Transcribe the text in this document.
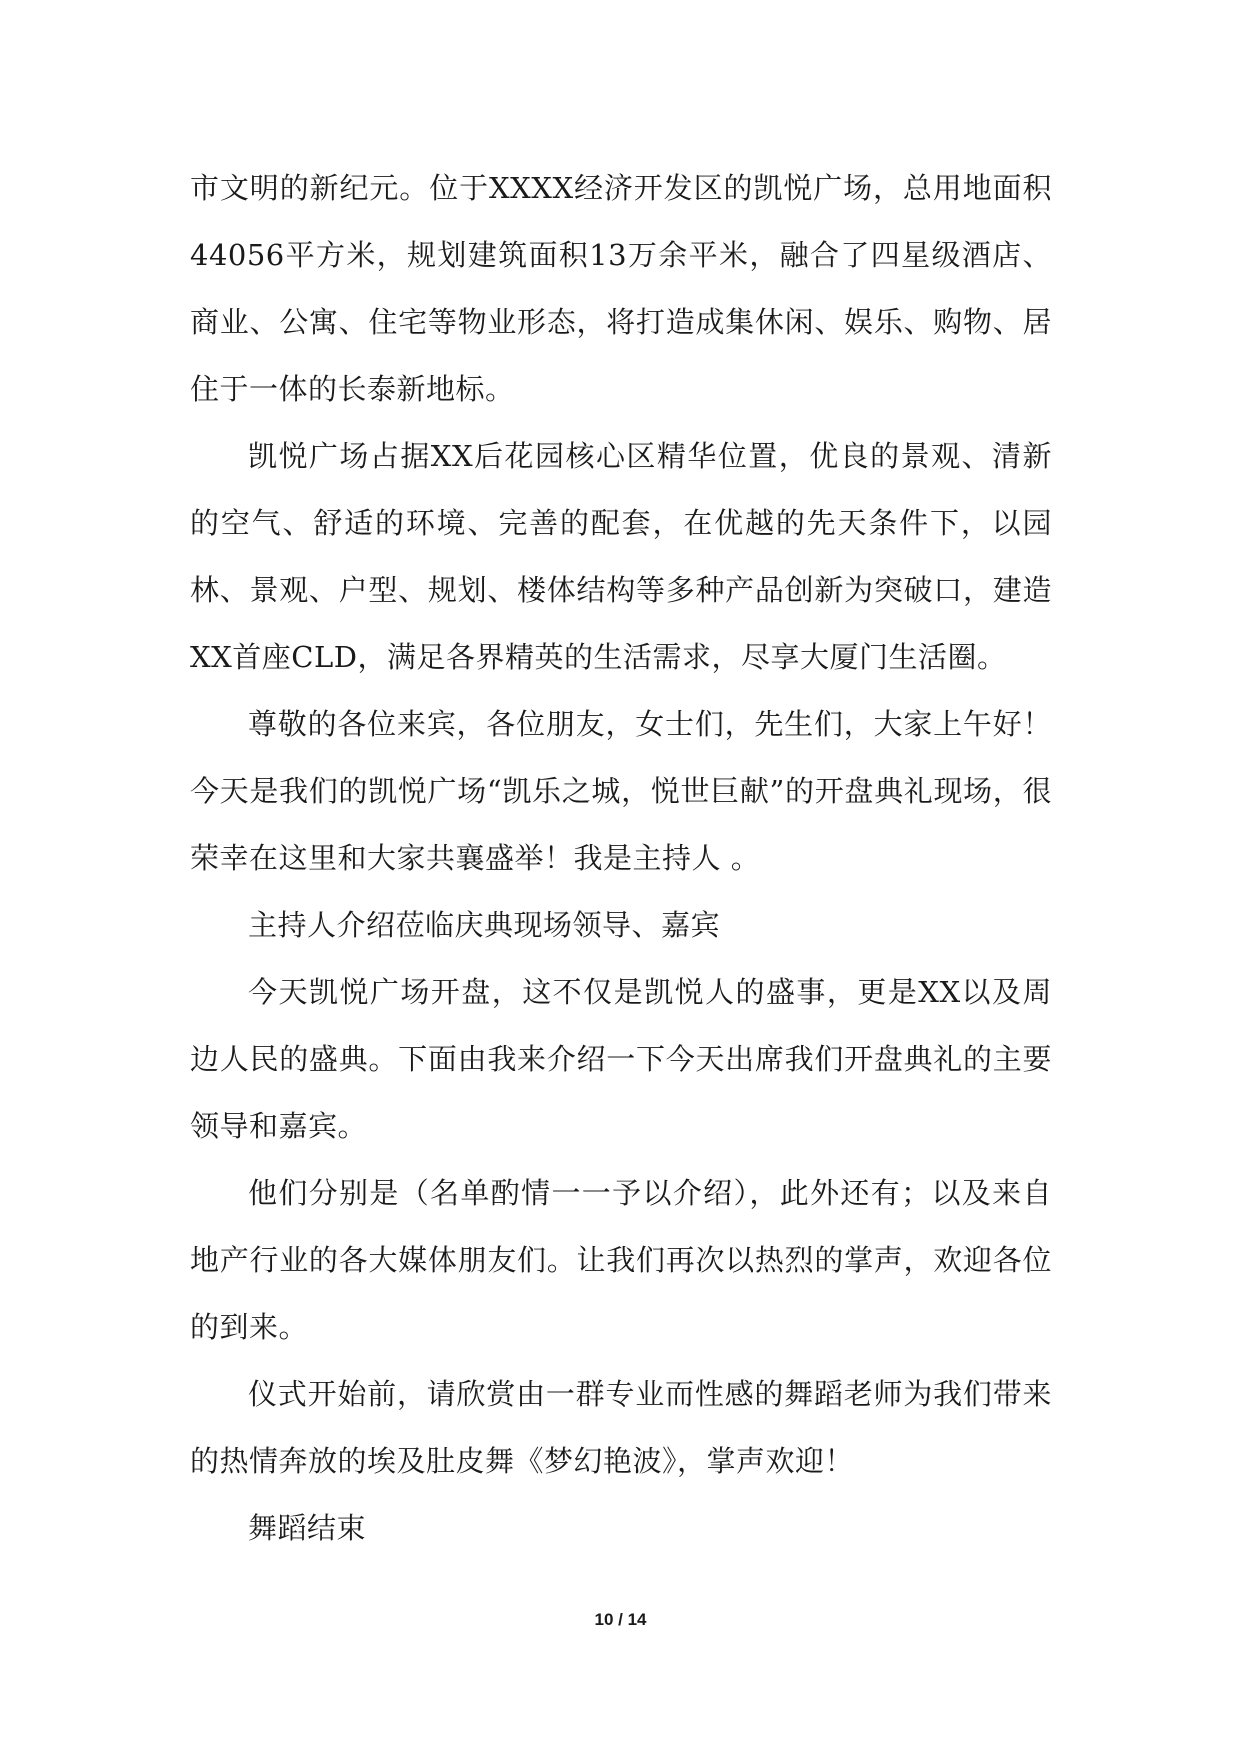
市文明的新纪元。位于XXXX经济开发区的凯悦广场，总用地面积44056平方米，规划建筑面积13万余平米，融合了四星级酒店、商业、公寓、住宅等物业形态，将打造成集休闲、娱乐、购物、居住于一体的长泰新地标。

凯悦广场占据XX后花园核心区精华位置，优良的景观、清新的空气、舒适的环境、完善的配套，在优越的先天条件下，以园林、景观、户型、规划、楼体结构等多种产品创新为突破口，建造XX首座CLD，满足各界精英的生活需求，尽享大厦门生活圈。

尊敬的各位来宾，各位朋友，女士们，先生们，大家上午好！今天是我们的凯悦广场“凯乐之城，悦世巨献”的开盘典礼现场，很荣幸在这里和大家共襄盛举！我是主持人 。

主持人介绍莅临庆典现场领导、嘉宾

今天凯悦广场开盘，这不仅是凯悦人的盛事，更是XX以及周边人民的盛典。下面由我来介绍一下今天出席我们开盘典礼的主要领导和嘉宾。

他们分别是（名单酌情一一予以介绍），此外还有；以及来自地产行业的各大媒体朋友们。让我们再次以热烈的掌声，欢迎各位的到来。

仪式开始前，请欣赏由一群专业而性感的舞蹈老师为我们带来的热情奔放的埃及肚皮舞《梦幻艳波》，掌声欢迎！

舞蹈结束

10 / 14
